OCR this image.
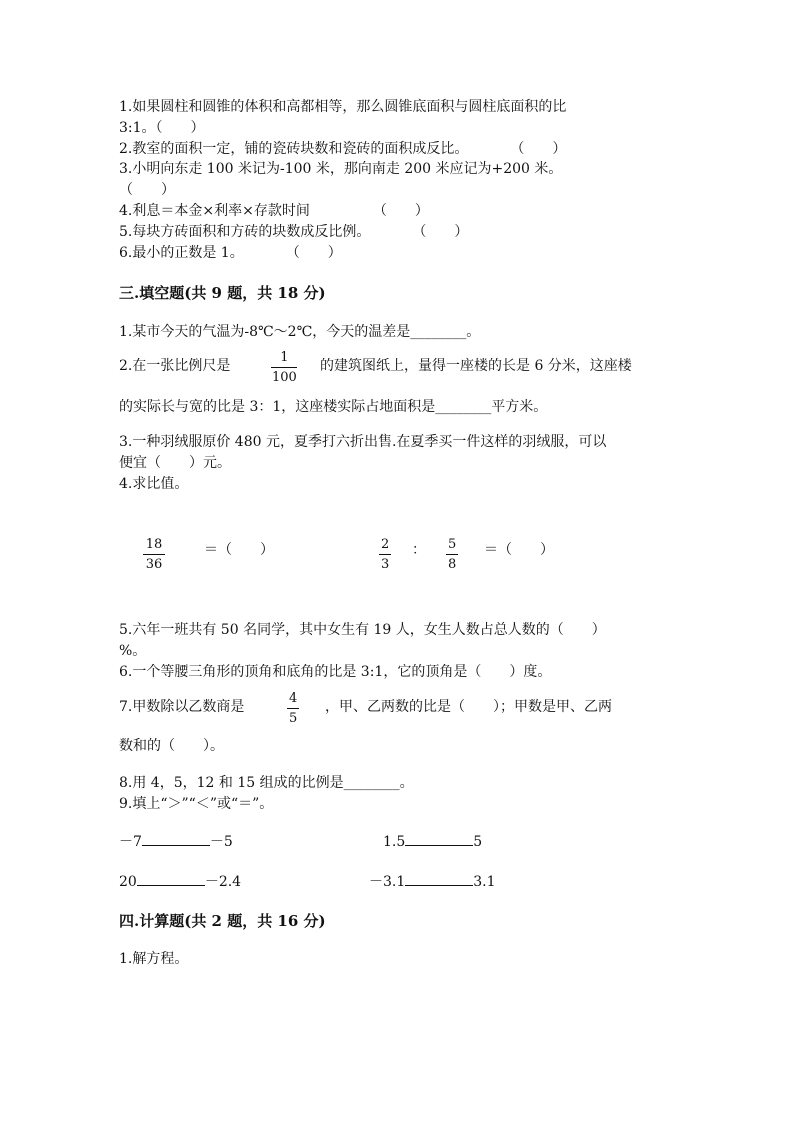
1.如果圆柱和圆锥的体积和高都相等，那么圆锥底面积与圆柱底面积的比
3:1。（　　）
2.教室的面积一定，铺的瓷砖块数和瓷砖的面积成反比。　　　　（　　）
3.小明向东走 100 米记为-100 米，那向南走 200 米应记为+200 米。
（　　）
4.利息＝本金×利率×存款时间　　　　　（　　）
5.每块方砖面积和方砖的块数成反比例。　　　　（　　）
6.最小的正数是 1。　　　　（　　）
三.填空题(共 9 题，共 18 分)
1.某市今天的气温为-8℃～2℃，今天的温差是________。
2.在一张比例尺是
1
100
的建筑图纸上，量得一座楼的长是 6 分米，这座楼
的实际长与宽的比是 3：1，这座楼实际占地面积是________平方米。
3.一种羽绒服原价 480 元，夏季打六折出售.在夏季买一件这样的羽绒服，可以
便宜（　　）元。
4.求比值。
18
36
＝（　　）	2
3
： 5
8
＝（　　）
5.六年一班共有 50 名同学，其中女生有 19 人，女生人数占总人数的（　　）
%。
6.一个等腰三角形的顶角和底角的比是 3:1，它的顶角是（　　）度。
7.甲数除以乙数商是
4
5
，甲、乙两数的比是（　　）；甲数是甲、乙两
数和的（　　）。
8.用 4，5，12 和 15 组成的比例是________。
9.填上“＞”“＜”或“＝”。
－7	－5	1.5	5
20	－2.4	－3.1	3.1
四.计算题(共 2 题，共 16 分)
1.解方程。
